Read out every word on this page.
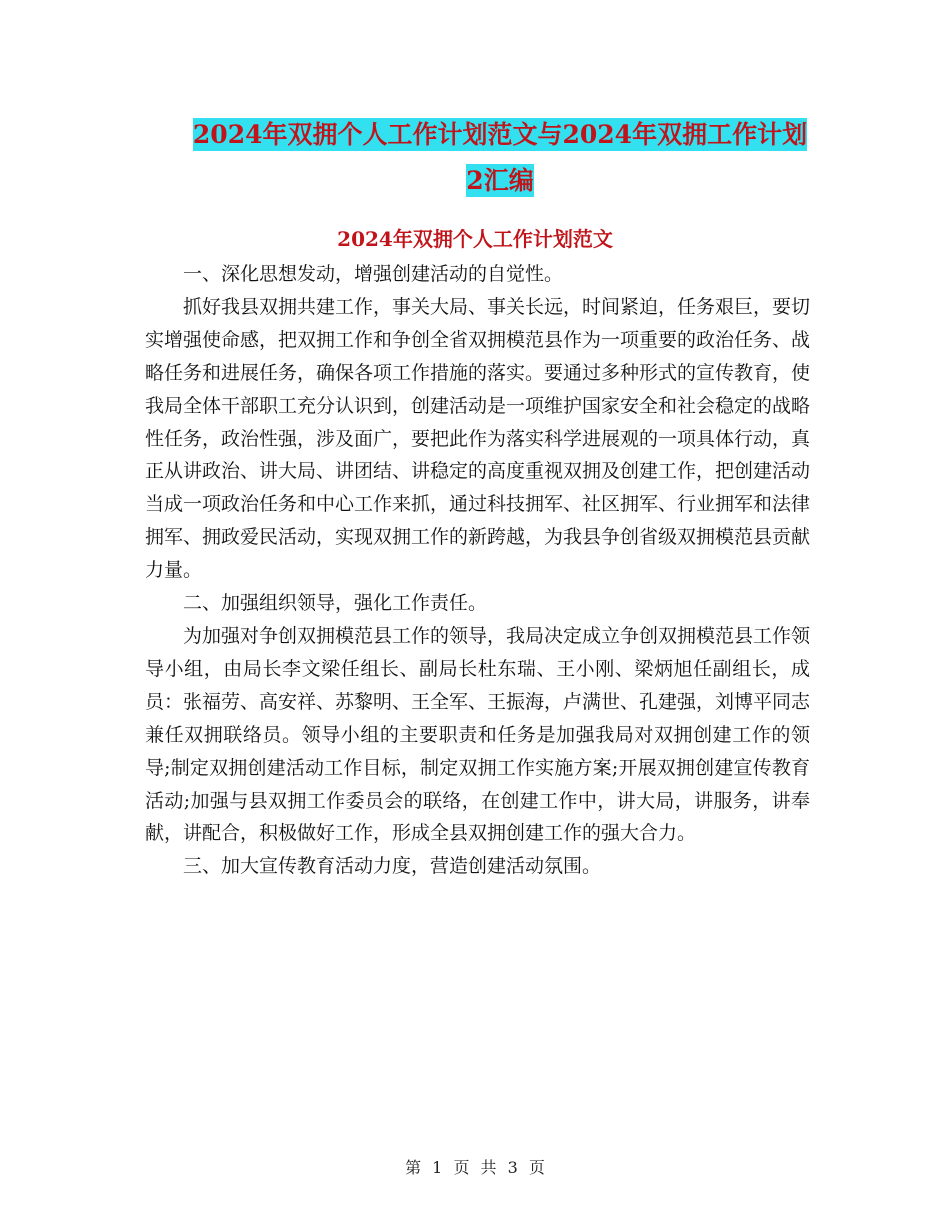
2024年双拥个人工作计划范文与2024年双拥工作计划
2汇编
2024年双拥个人工作计划范文

一、深化思想发动，增强创建活动的自觉性。

抓好我县双拥共建工作，事关大局、事关长远，时间紧迫，任务艰巨，要切实增强使命感，把双拥工作和争创全省双拥模范县作为一项重要的政治任务、战略任务和进展任务，确保各项工作措施的落实。要通过多种形式的宣传教育，使我局全体干部职工充分认识到，创建活动是一项维护国家安全和社会稳定的战略性任务，政治性强，涉及面广，要把此作为落实科学进展观的一项具体行动，真正从讲政治、讲大局、讲团结、讲稳定的高度重视双拥及创建工作，把创建活动当成一项政治任务和中心工作来抓，通过科技拥军、社区拥军、行业拥军和法律拥军、拥政爱民活动，实现双拥工作的新跨越，为我县争创省级双拥模范县贡献力量。

二、加强组织领导，强化工作责任。

为加强对争创双拥模范县工作的领导，我局决定成立争创双拥模范县工作领导小组，由局长李文梁任组长、副局长杜东瑞、王小刚、梁炳旭任副组长，成员：张福劳、高安祥、苏黎明、王全军、王振海，卢满世、孔建强，刘博平同志兼任双拥联络员。领导小组的主要职责和任务是加强我局对双拥创建工作的领导;制定双拥创建活动工作目标，制定双拥工作实施方案;开展双拥创建宣传教育活动;加强与县双拥工作委员会的联络，在创建工作中，讲大局，讲服务，讲奉献，讲配合，积极做好工作，形成全县双拥创建工作的强大合力。

三、加大宣传教育活动力度，营造创建活动氛围。

第 1 页 共 3 页
